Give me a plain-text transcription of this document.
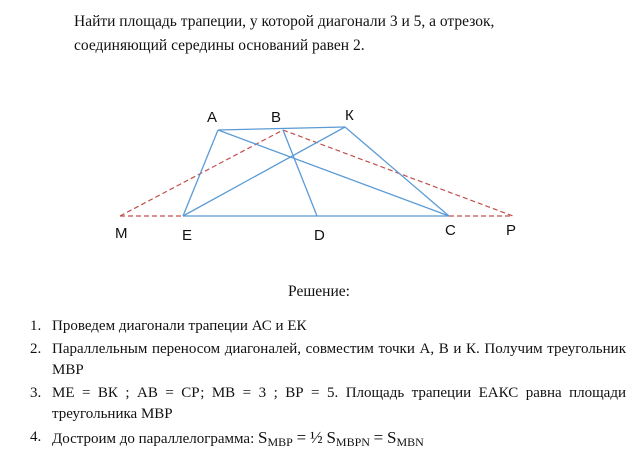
Найти площадь трапеции, у которой диагонали 3 и 5, а отрезок,
соединяющий середины оснований равен 2.
A	B	К
M	E	D	C	P
Решение:
1. Проведем диагонали трапеции АС и ЕК
2. Параллельным переносом диагоналей, совместим точки А, В и К. Получим треугольник МВР
3. МЕ = ВК ; АВ = СР; МВ = 3 ; ВР = 5. Площадь трапеции ЕАКС равна площади треугольника МВР
4. Достроим до параллелограмма: $S_{MBP}$ = ½ $S_{MBPN} = S_{MBN}$
